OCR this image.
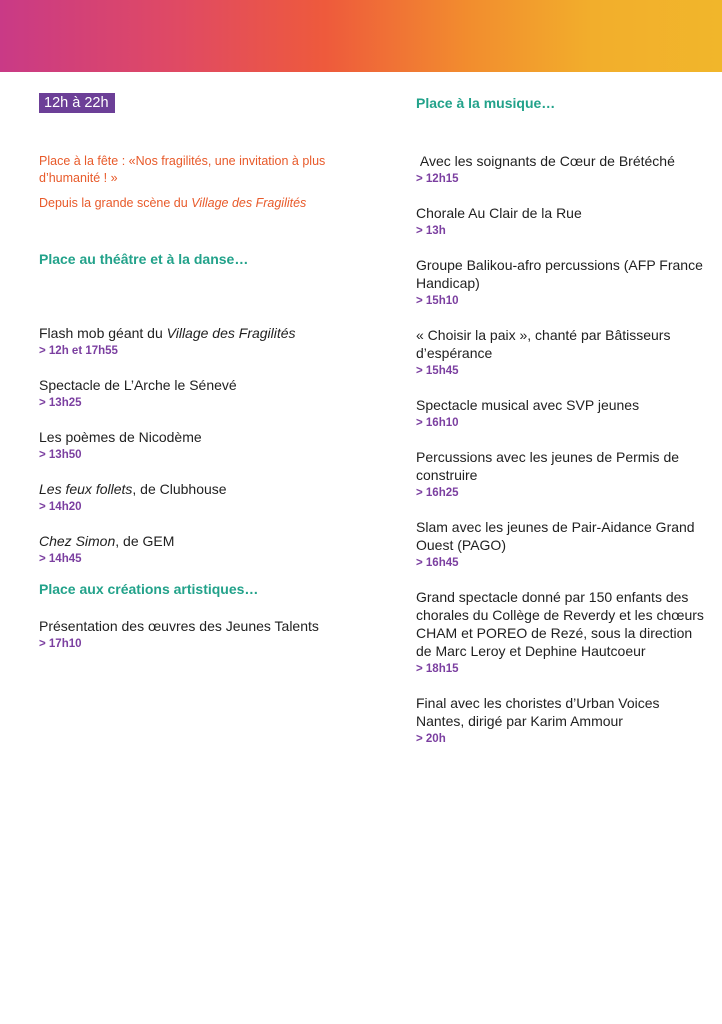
12h à 22h

Place à la fête : «Nos fragilités, une invitation à plus d’humanité ! »

Depuis la grande scène du Village des Fragilités

Place au théâtre et à la danse…
Flash mob géant du Village des Fragilités
> 12h et 17h55
Spectacle de L’Arche le Sénevé
> 13h25
Les poèmes de Nicodème
> 13h50
Les feux follets, de Clubhouse
> 14h20
Chez Simon, de GEM
> 14h45
Place aux créations artistiques…
Présentation des œuvres des Jeunes Talents
> 17h10
Place à la musique…
Avec les soignants de Cœur de Brétéché
> 12h15
Chorale Au Clair de la Rue
> 13h
Groupe Balikou-afro percussions (AFP France Handicap)
> 15h10
« Choisir la paix », chanté par Bâtisseurs d’espérance
> 15h45
Spectacle musical avec SVP jeunes
> 16h10
Percussions avec les jeunes de Permis de construire
> 16h25
Slam avec les jeunes de Pair-Aidance Grand Ouest (PAGO)
> 16h45
Grand spectacle donné par 150 enfants des chorales du Collège de Reverdy et les chœurs CHAM et POREO de Rezé, sous la direction de Marc Leroy et Dephine Hautcoeur
> 18h15
Final avec les choristes d’Urban Voices Nantes, dirigé par Karim Ammour
> 20h
